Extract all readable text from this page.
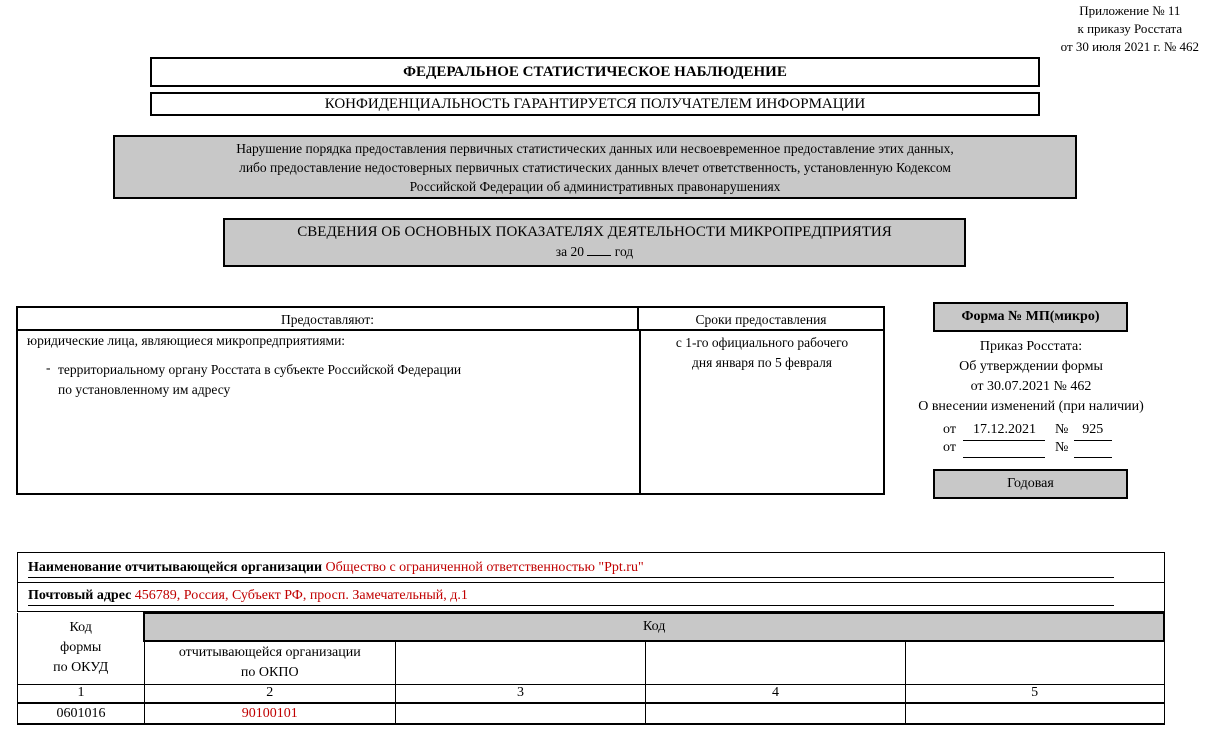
Приложение № 11
к приказу Росстата
от 30 июля 2021 г. № 462
ФЕДЕРАЛЬНОЕ СТАТИСТИЧЕСКОЕ НАБЛЮДЕНИЕ
КОНФИДЕНЦИАЛЬНОСТЬ ГАРАНТИРУЕТСЯ ПОЛУЧАТЕЛЕМ ИНФОРМАЦИИ
Нарушение порядка предоставления первичных статистических данных или несвоевременное предоставление этих данных,
либо предоставление недостоверных первичных статистических данных влечет ответственность, установленную Кодексом
Российской Федерации об административных правонарушениях
СВЕДЕНИЯ ОБ ОСНОВНЫХ ПОКАЗАТЕЛЯХ ДЕЯТЕЛЬНОСТИ МИКРОПРЕДПРИЯТИЯ
за 20 год
Предоставляют:	Сроки предоставления
юридические лица, являющиеся микропредприятиями:
- территориальному органу Росстата в субъекте Российской Федерации
по установленному им адресу
с 1-го официального рабочего
дня января по 5 февраля
Форма № МП(микро)
Приказ Росстата:
Об утверждении формы
от 30.07.2021 № 462
О внесении изменений (при наличии)
от 17.12.2021 № 925
от	№
Годовая
Наименование отчитывающейся организации Общество с ограниченной ответственностью "Ppt.ru"
Почтовый адрес 456789, Россия, Субъект РФ, просп. Замечательный, д.1
Код
формы
по ОКУД	Код			

	отчитывающейся организации
по ОКПО			

1	2	3	4	5
0601016	90100101			
